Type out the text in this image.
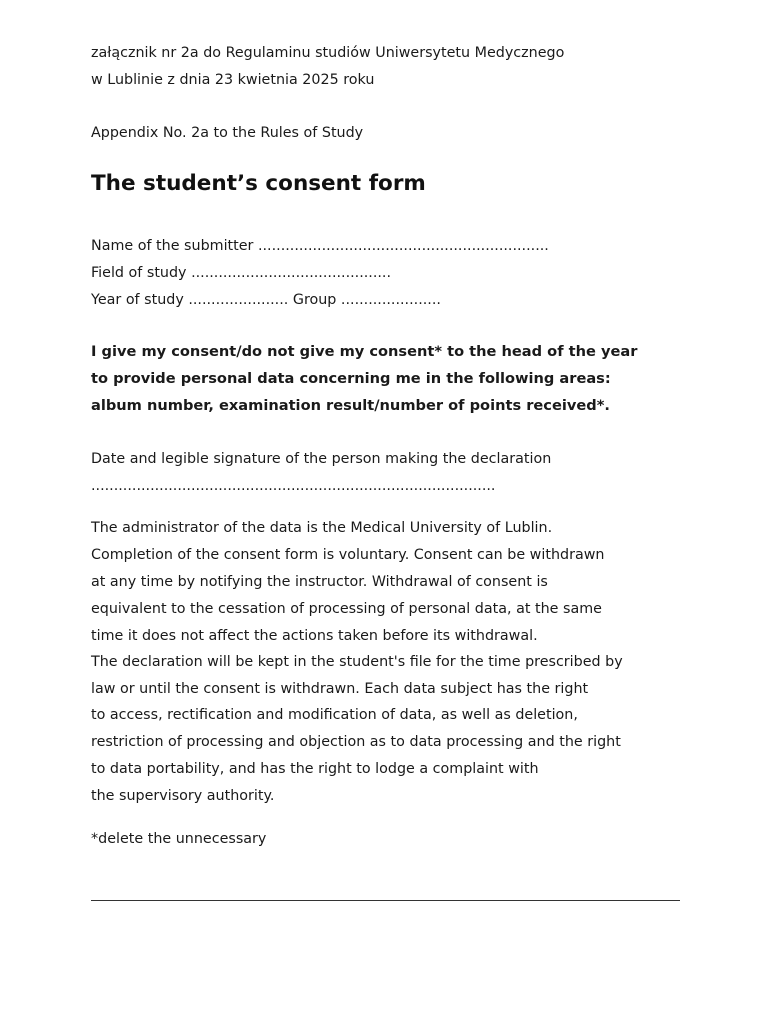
załącznik nr 2a do Regulaminu studiów Uniwersytetu Medycznego
w Lublinie z dnia 23 kwietnia 2025 roku
Appendix No. 2a to the Rules of Study
The student’s consent form
Name of the submitter ................................................................
Field of study ............................................
Year of study ...................... Group ......................
I give my consent/do not give my consent* to the head of the year
to provide personal data concerning me in the following areas:
album number, examination result/number of points received*.
Date and legible signature of the person making the declaration
.........................................................................................
The administrator of the data is the Medical University of Lublin.
Completion of the consent form is voluntary. Consent can be withdrawn
at any time by notifying the instructor. Withdrawal of consent is
equivalent to the cessation of processing of personal data, at the same
time it does not affect the actions taken before its withdrawal.
The declaration will be kept in the student's file for the time prescribed by
law or until the consent is withdrawn. Each data subject has the right
to access, rectification and modification of data, as well as deletion,
restriction of processing and objection as to data processing and the right
to data portability, and has the right to lodge a complaint with
the supervisory authority.
*delete the unnecessary
